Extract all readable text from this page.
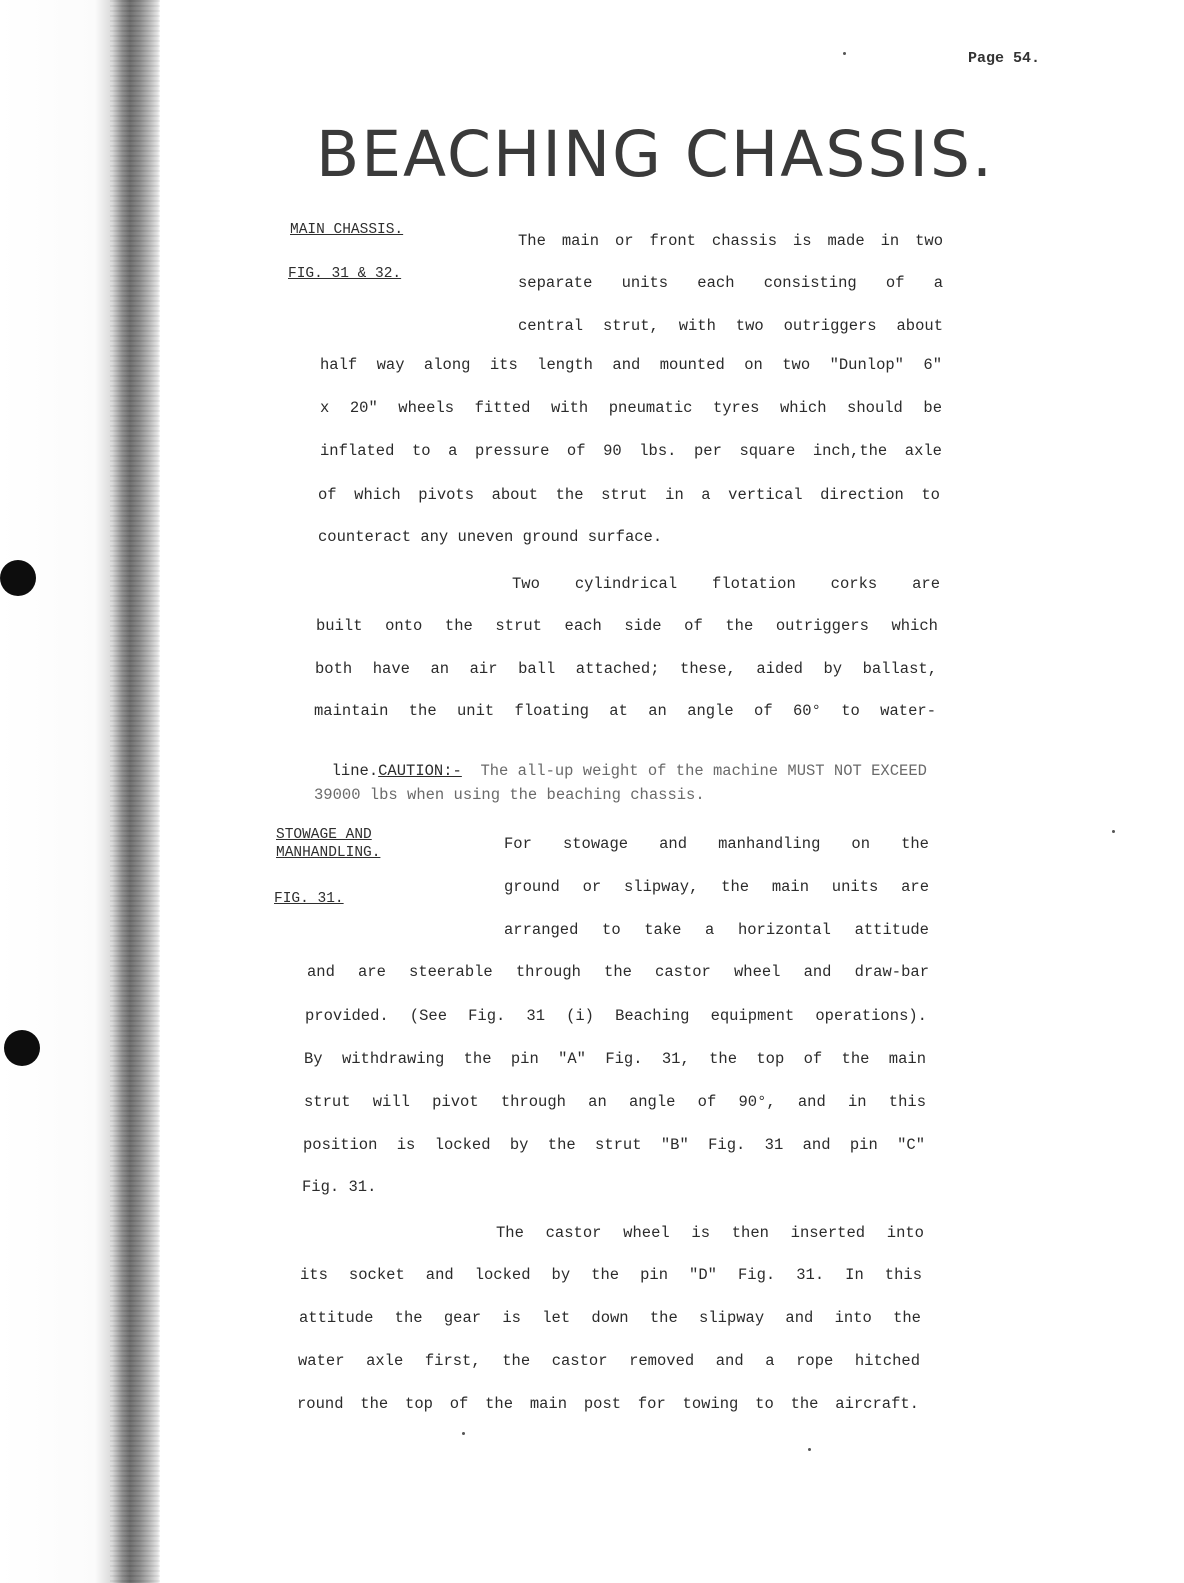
Page 54.
BEACHING CHASSIS.
MAIN CHASSIS.
FIG. 31 & 32.
The main or front chassis is made in two
separate units each consisting of a
central strut, with two outriggers about
half way along its length and mounted on two "Dunlop" 6"
x 20" wheels fitted with pneumatic tyres which should be
inflated to a pressure of 90 lbs. per square inch,the axle
of which pivots about the strut in a vertical direction to
counteract any uneven ground surface.
Two cylindrical flotation corks are
built onto the strut each side of the outriggers which
both have an air ball attached; these, aided by ballast,
maintain the unit floating at an angle of 60° to water-

line.CAUTION:- The all-up weight of the machine MUST NOT EXCEED

39000 lbs when using the beaching chassis.
STOWAGE AND
MANHANDLING.
FIG. 31.
For stowage and manhandling on the
ground or slipway, the main units are
arranged to take a horizontal attitude
and are steerable through the castor wheel and draw-bar
provided. (See Fig. 31 (i) Beaching equipment operations).
By withdrawing the pin "A" Fig. 31, the top of the main
strut will pivot through an angle of 90°, and in this
position is locked by the strut "B" Fig. 31 and pin "C"
Fig. 31.
The castor wheel is then inserted into
its socket and locked by the pin "D" Fig. 31. In this
attitude the gear is let down the slipway and into the
water axle first, the castor removed and a rope hitched
round the top of the main post for towing to the aircraft.
